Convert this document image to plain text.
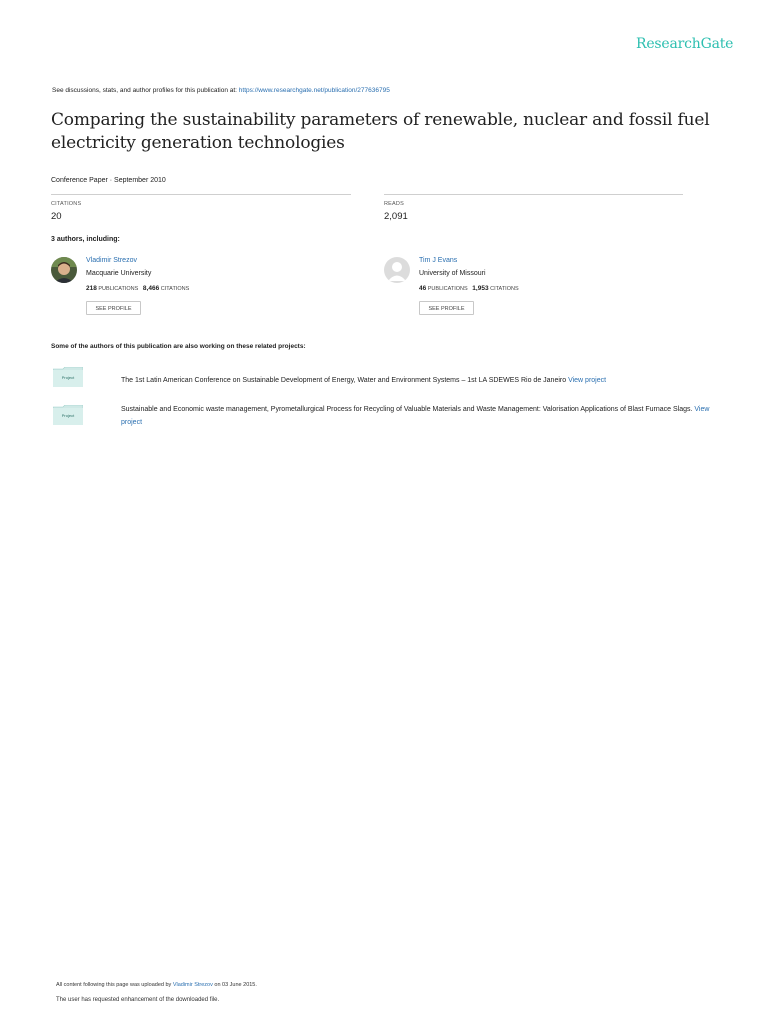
ResearchGate
See discussions, stats, and author profiles for this publication at: https://www.researchgate.net/publication/277636795
Comparing the sustainability parameters of renewable, nuclear and fossil fuel electricity generation technologies
Conference Paper · September 2010
CITATIONS
20
READS
2,091
3 authors, including:
Vladimir Strezov
Macquarie University
218 PUBLICATIONS 8,466 CITATIONS
SEE PROFILE
Tim J Evans
University of Missouri
46 PUBLICATIONS 1,953 CITATIONS
SEE PROFILE
Some of the authors of this publication are also working on these related projects:
Project	The 1st Latin American Conference on Sustainable Development of Energy, Water and Environment Systems – 1st LA SDEWES Rio de Janeiro View project
Project
Sustainable and Economic waste management, Pyrometallurgical Process for Recycling of Valuable Materials and Waste Management: Valorisation Applications of Blast Furnace Slags. View project
All content following this page was uploaded by Vladimir Strezov on 03 June 2015.
The user has requested enhancement of the downloaded file.
